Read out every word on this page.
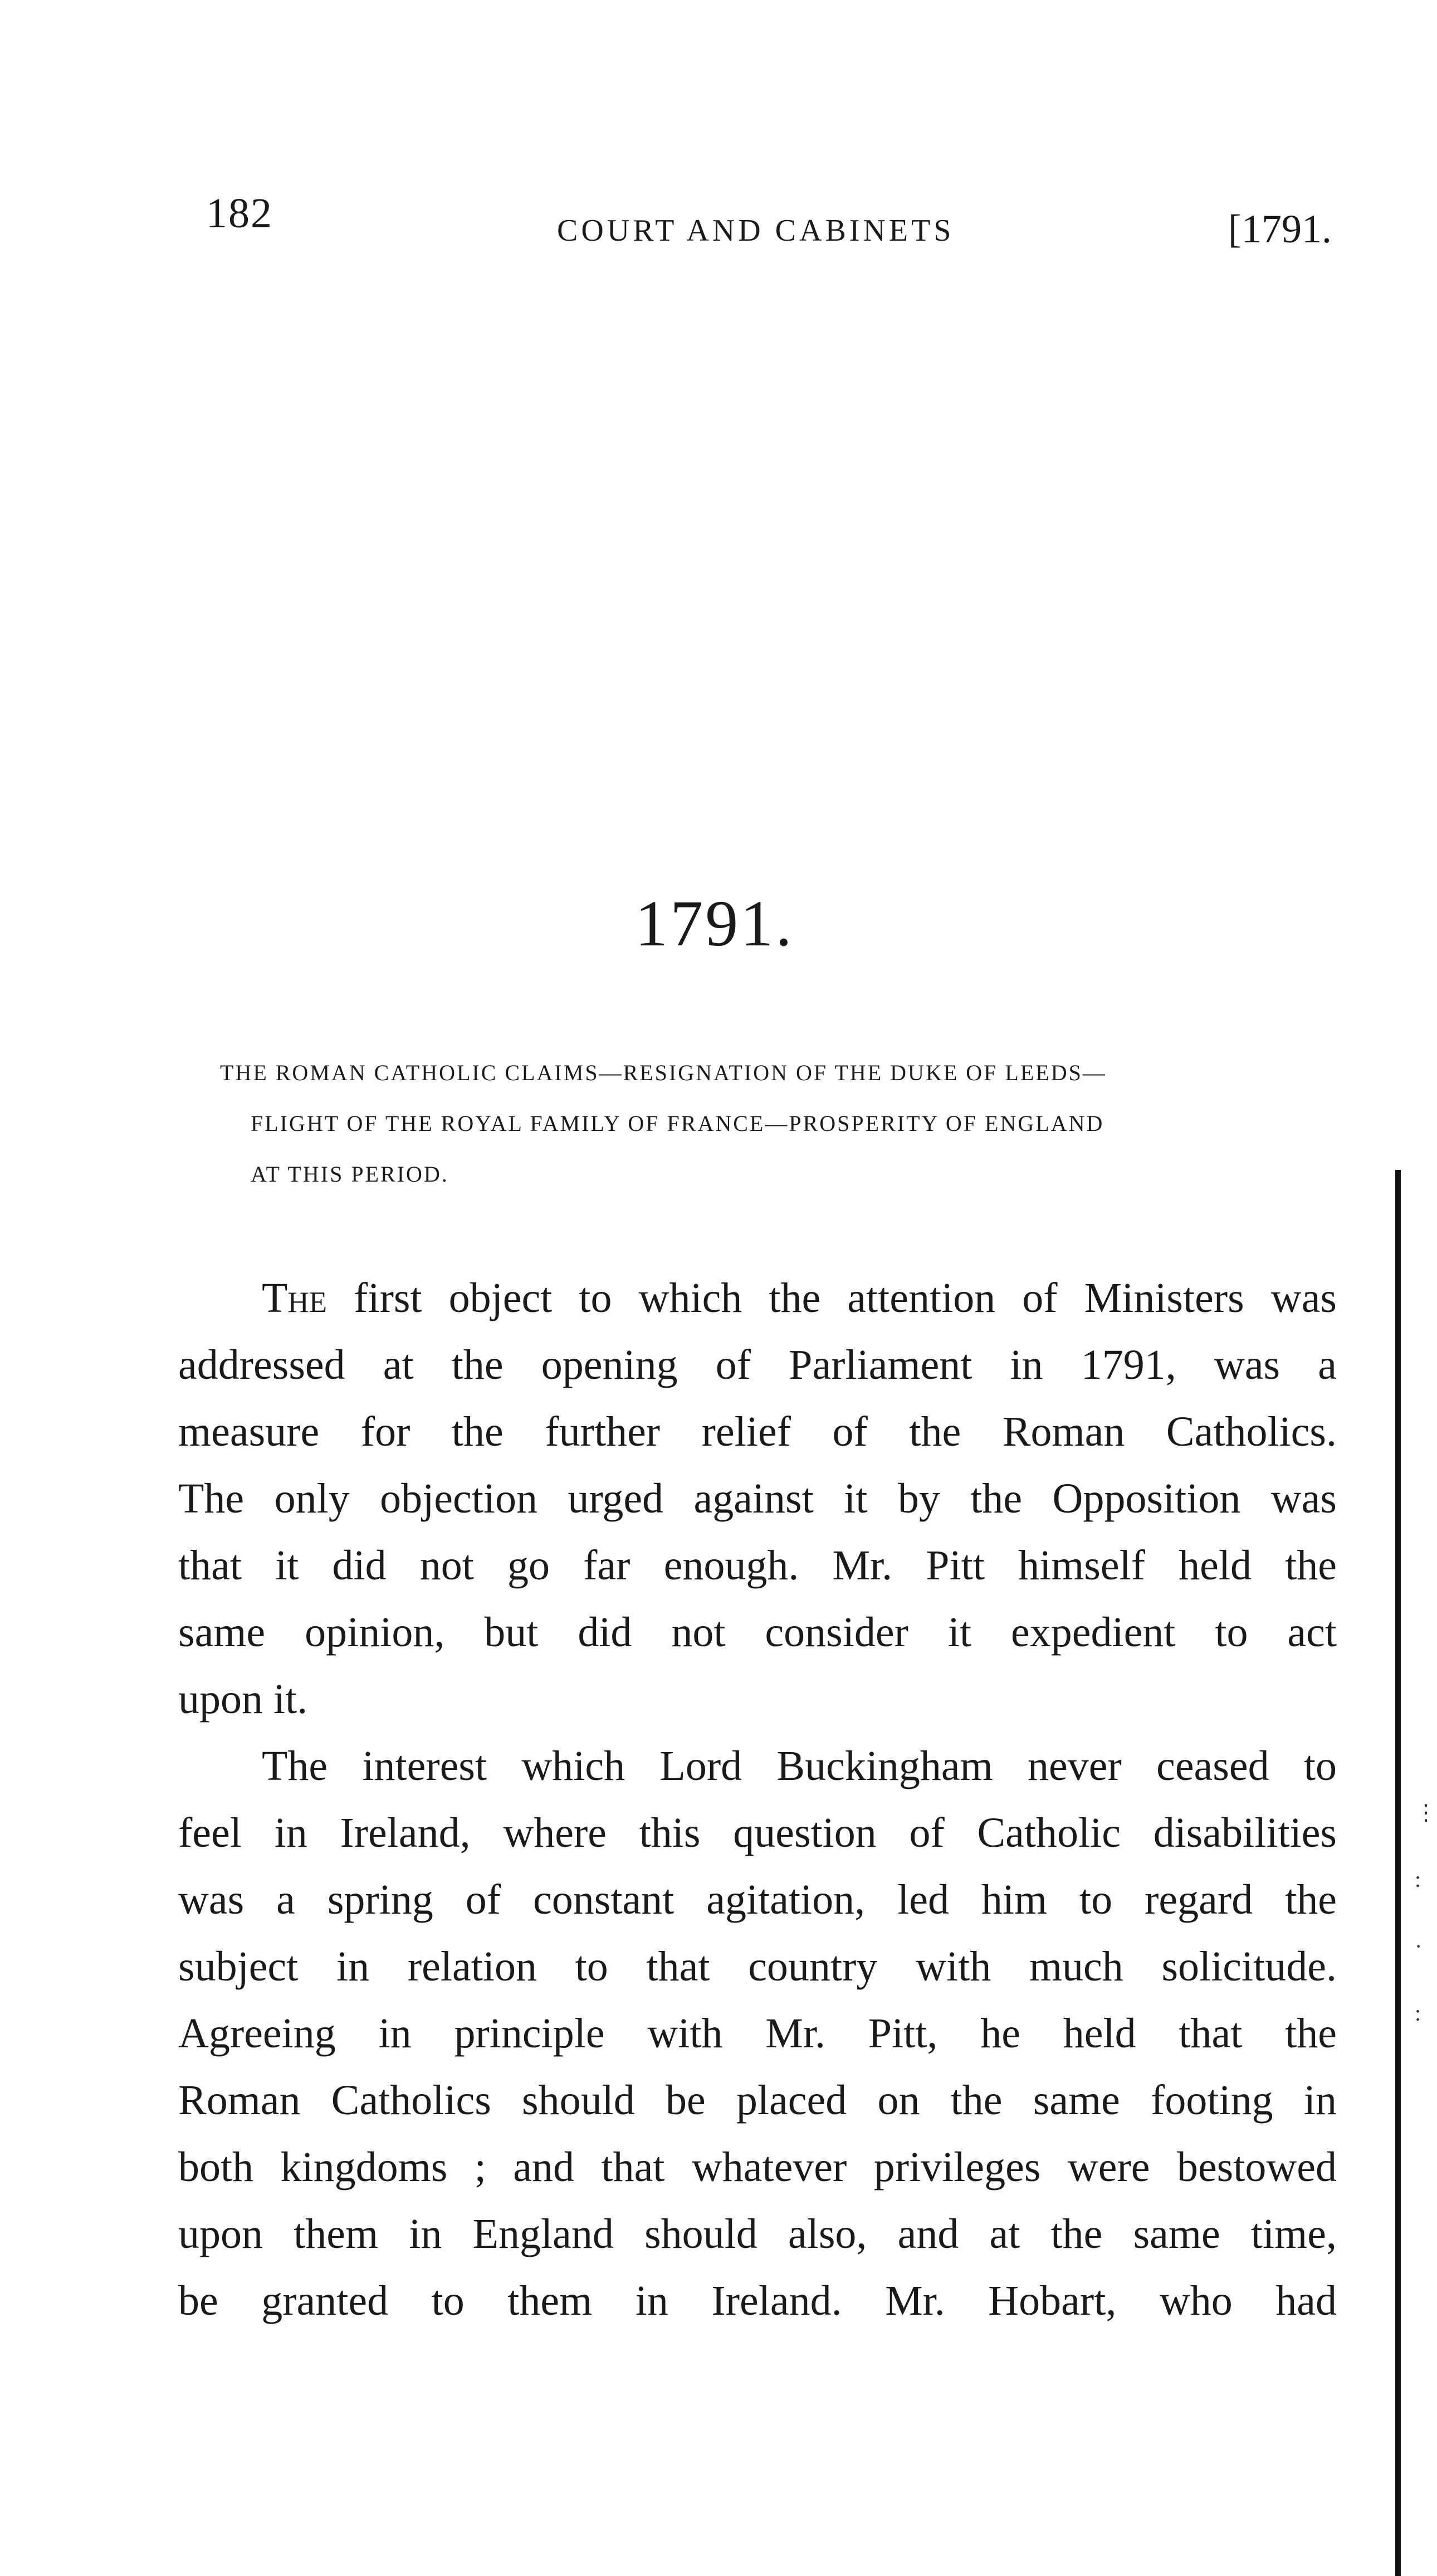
182	COURT AND CABINETS	[1791.
1791.
THE ROMAN CATHOLIC CLAIMS—RESIGNATION OF THE DUKE OF LEEDS—
FLIGHT OF THE ROYAL FAMILY OF FRANCE—PROSPERITY OF ENGLAND
AT THIS PERIOD.

The first object to which the attention of Ministers was
addressed at the opening of Parliament in 1791, was a
measure for the further relief of the Roman Catholics.
The only objection urged against it by the Opposition was
that it did not go far enough. Mr. Pitt himself held the
same opinion, but did not consider it expedient to act
upon it.

The interest which Lord Buckingham never ceased to
feel in Ireland, where this question of Catholic disabilities
was a spring of constant agitation, led him to regard the
subject in relation to that country with much solicitude.
Agreeing in principle with Mr. Pitt, he held that the
Roman Catholics should be placed on the same footing in
both kingdoms ; and that whatever privileges were bestowed
upon them in England should also, and at the same time,
be granted to them in Ireland. Mr. Hobart, who had

⋮
:
·
:
